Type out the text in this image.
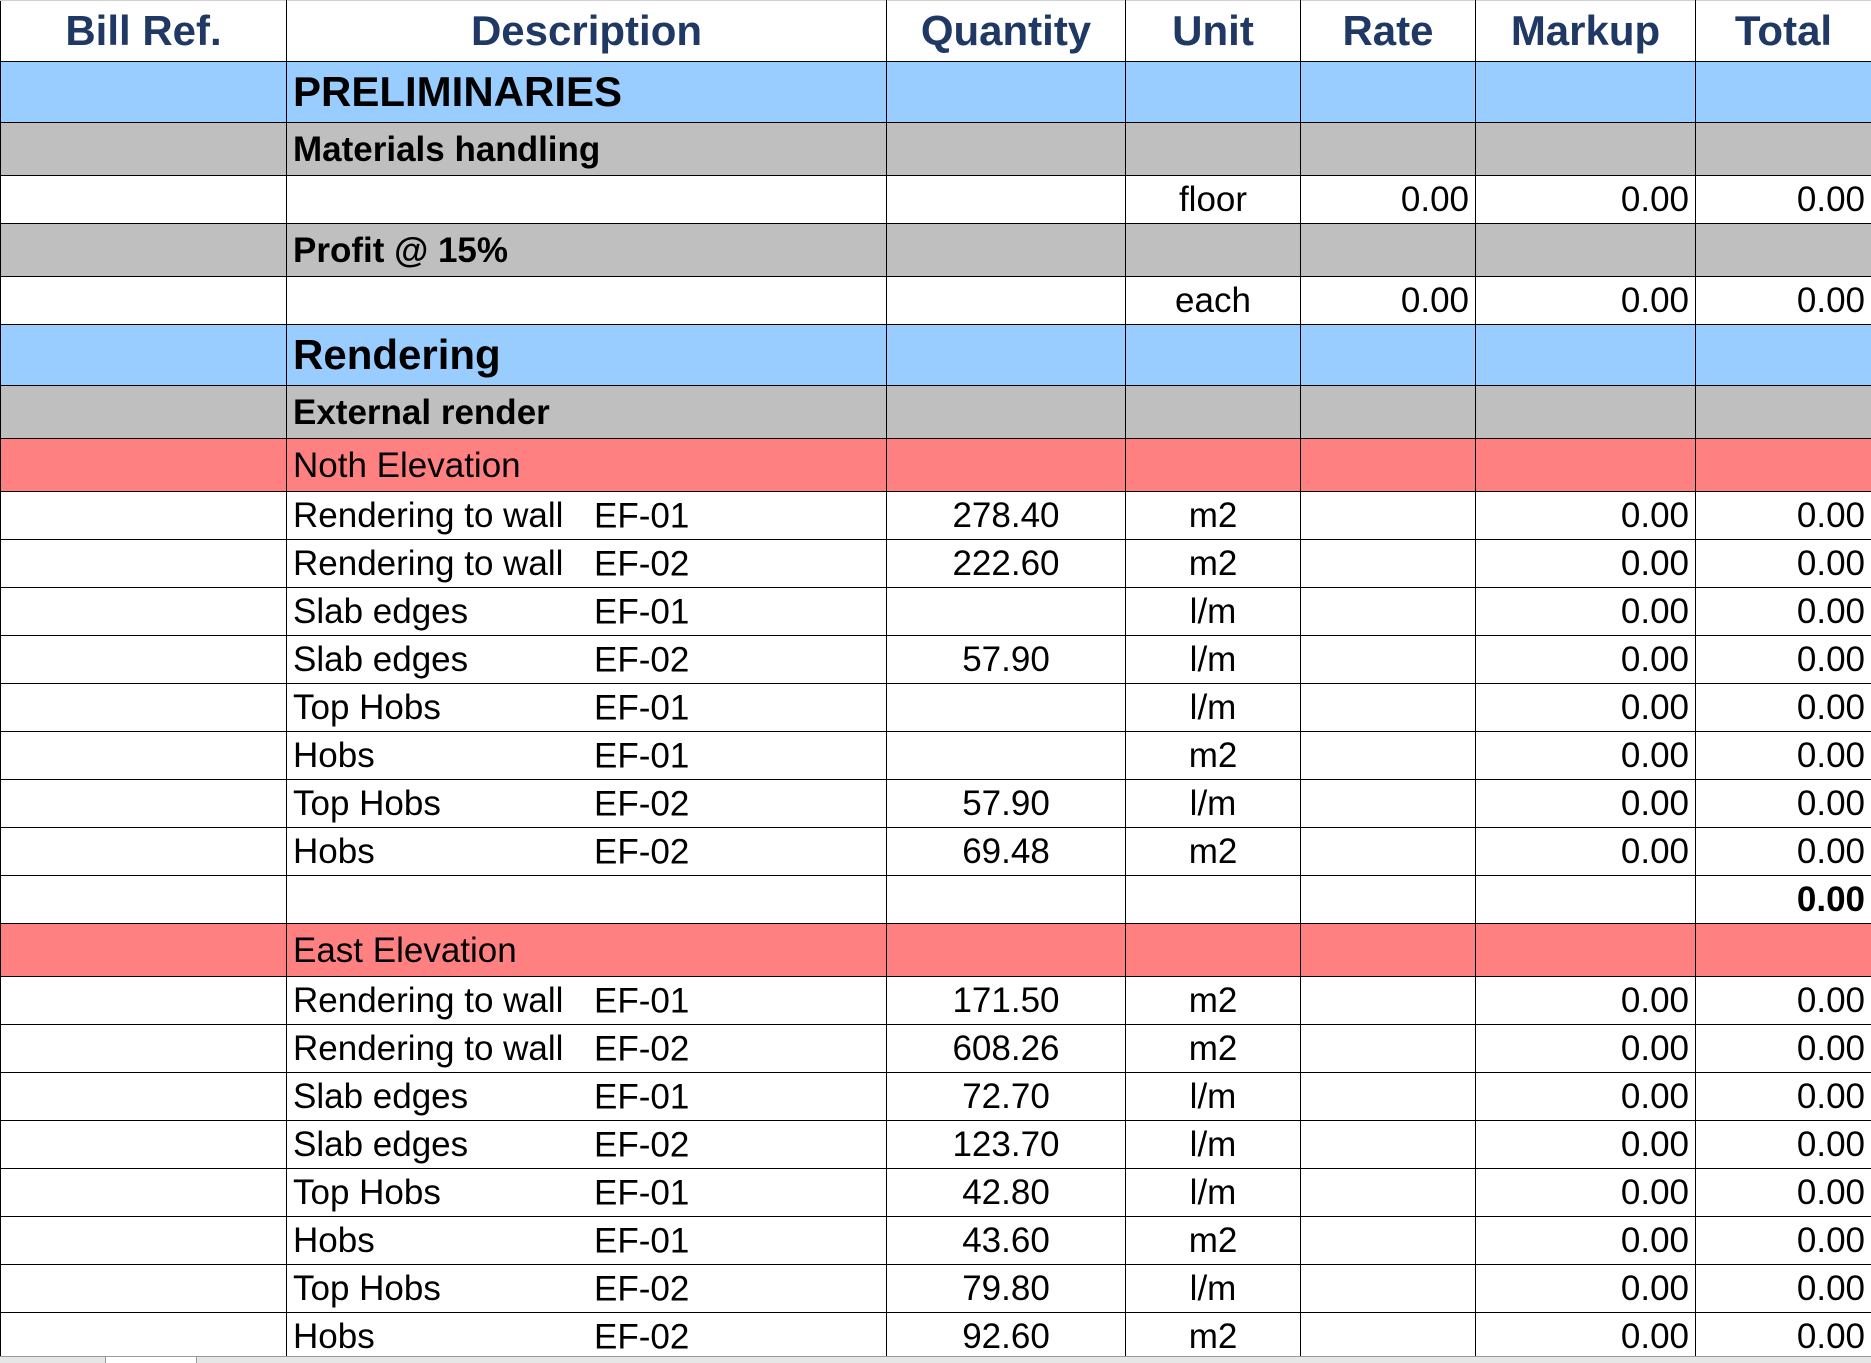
Bill Ref.	Description	Quantity	Unit	Rate	Markup	Total
	PRELIMINARIES					
	Materials handling					
			floor	0.00	0.00	0.00
	Profit @ 15%					
			each	0.00	0.00	0.00
	Rendering					
	External render					
	Noth Elevation					
	Rendering to wall EF-01	278.40	m2		0.00	0.00
	Rendering to wall EF-02	222.60	m2		0.00	0.00
	Slab edges EF-01		l/m		0.00	0.00
	Slab edges EF-02	57.90	l/m		0.00	0.00
	Top Hobs EF-01		l/m		0.00	0.00
	Hobs EF-01		m2		0.00	0.00
	Top Hobs EF-02	57.90	l/m		0.00	0.00
	Hobs EF-02	69.48	m2		0.00	0.00
						0.00
	East Elevation					
	Rendering to wall EF-01	171.50	m2		0.00	0.00
	Rendering to wall EF-02	608.26	m2		0.00	0.00
	Slab edges EF-01	72.70	l/m		0.00	0.00
	Slab edges EF-02	123.70	l/m		0.00	0.00
	Top Hobs EF-01	42.80	l/m		0.00	0.00
	Hobs EF-01	43.60	m2		0.00	0.00
	Top Hobs EF-02	79.80	l/m		0.00	0.00
	Hobs EF-02	92.60	m2		0.00	0.00
